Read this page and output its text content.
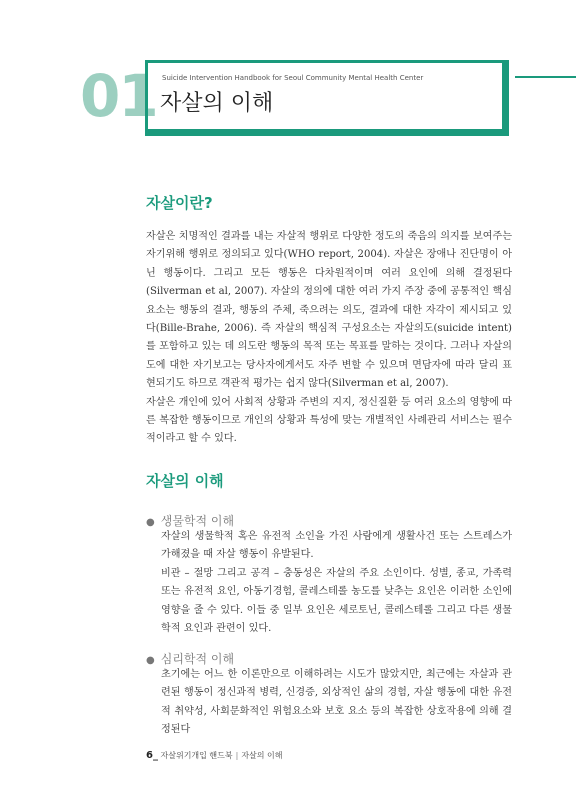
01 Suicide Intervention Handbook for Seoul Community Mental Health Center
자살의 이해
자살이란?

자살은 치명적인 결과를 내는 자살적 행위로 다양한 정도의 죽음의 의지를 보여주는 자기위해 행위로 정의되고 있다(WHO report, 2004). 자살은 장애나 진단명이 아닌 행동이다. 그리고 모든 행동은 다차원적이며 여러 요인에 의해 결정된다(Silverman et al, 2007). 자살의 정의에 대한 여러 가지 주장 중에 공통적인 핵심요소는 행동의 결과, 행동의 주체, 죽으려는 의도, 결과에 대한 자각이 제시되고 있다(Bille-Brahe, 2006). 즉 자살의 핵심적 구성요소는 자살의도(suicide intent)를 포함하고 있는 데 의도란 행동의 목적 또는 목표를 말하는 것이다. 그러나 자살의도에 대한 자기보고는 당사자에게서도 자주 변할 수 있으며 면담자에 따라 달리 표현되기도 하므로 객관적 평가는 쉽지 않다(Silverman et al, 2007).

자살은 개인에 있어 사회적 상황과 주변의 지지, 정신질환 등 여러 요소의 영향에 따른 복잡한 행동이므로 개인의 상황과 특성에 맞는 개별적인 사례관리 서비스는 필수적이라고 할 수 있다.

자살의 이해
● 생물학적 이해

자살의 생물학적 혹은 유전적 소인을 가진 사람에게 생활사건 또는 스트레스가 가해졌을 때 자살 행동이 유발된다.

비관 – 절망 그리고 공격 – 충동성은 자살의 주요 소인이다. 성별, 종교, 가족력 또는 유전적 요인, 아동기경험, 콜레스테롤 농도를 낮추는 요인은 이러한 소인에 영향을 줄 수 있다. 이들 중 일부 요인은 세로토닌, 콜레스테롤 그리고 다른 생물학적 요인과 관련이 있다.

● 심리학적 이해

초기에는 어느 한 이론만으로 이해하려는 시도가 많았지만, 최근에는 자살과 관련된 행동이 정신과적 병력, 신경증, 외상적인 삶의 경험, 자살 행동에 대한 유전적 취약성, 사회문화적인 위험요소와 보호 요소 등의 복잡한 상호작용에 의해 결정된다

6_ 자살위기개입 핸드북 | 자살의 이해
